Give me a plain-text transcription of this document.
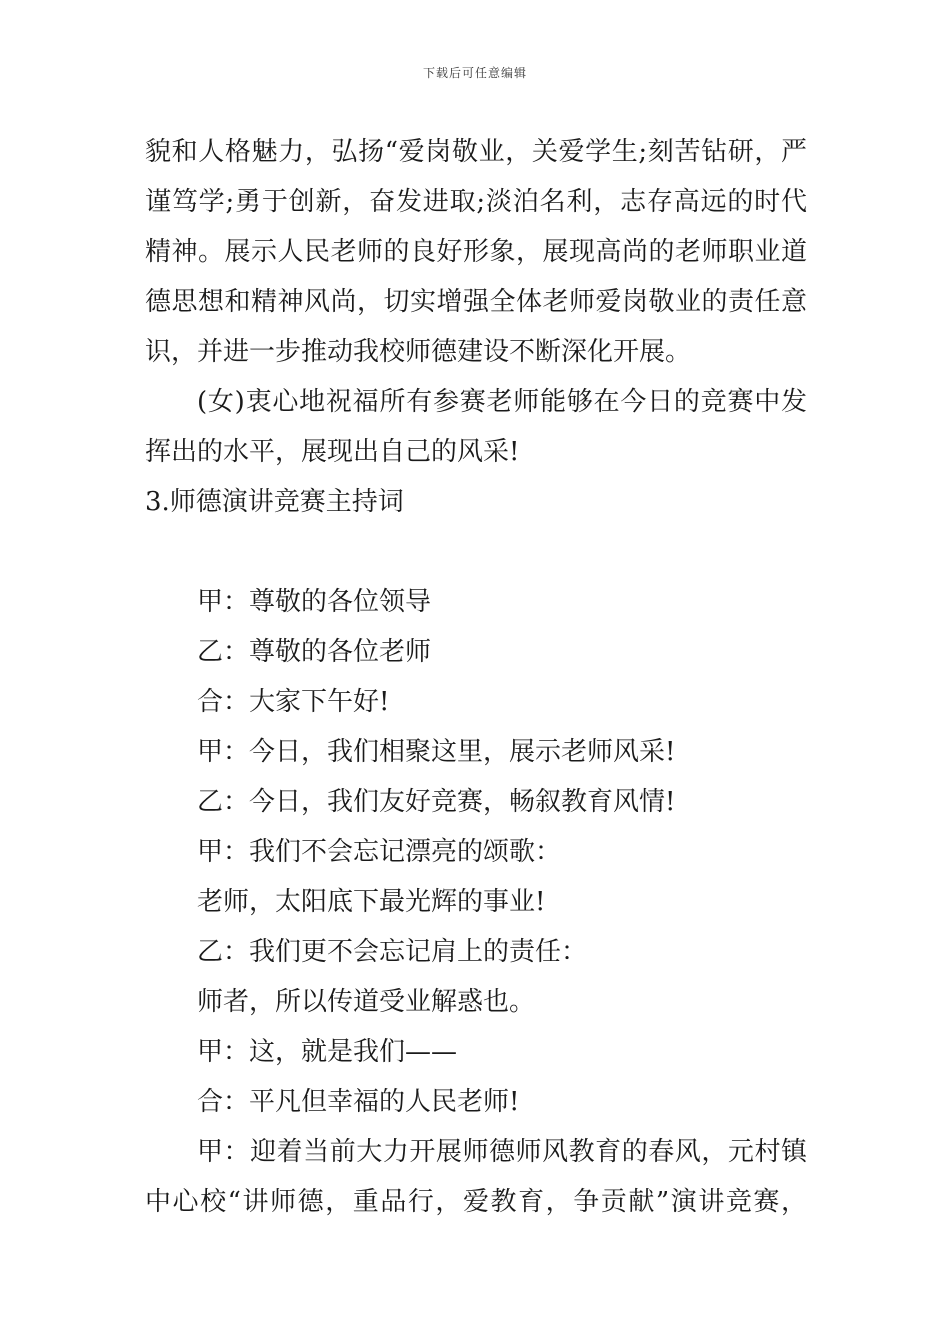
下载后可任意编辑
貌和人格魅力，弘扬“爱岗敬业，关爱学生;刻苦钻研，严
谨笃学;勇于创新，奋发进取;淡泊名利，志存高远的时代
精神。展示人民老师的良好形象，展现高尚的老师职业道
德思想和精神风尚，切实增强全体老师爱岗敬业的责任意
识，并进一步推动我校师德建设不断深化开展。
(女)衷心地祝福所有参赛老师能够在今日的竞赛中发
挥出的水平，展现出自己的风采!
3.师德演讲竞赛主持词
甲：尊敬的各位领导
乙：尊敬的各位老师
合：大家下午好!
甲：今日，我们相聚这里，展示老师风采!
乙：今日，我们友好竞赛，畅叙教育风情!
甲：我们不会忘记漂亮的颂歌：
老师，太阳底下最光辉的事业!
乙：我们更不会忘记肩上的责任：
师者，所以传道受业解惑也。
甲：这，就是我们——
合：平凡但幸福的人民老师!
甲：迎着当前大力开展师德师风教育的春风，元村镇
中心校“讲师德，重品行，爱教育，争贡献”演讲竞赛，
